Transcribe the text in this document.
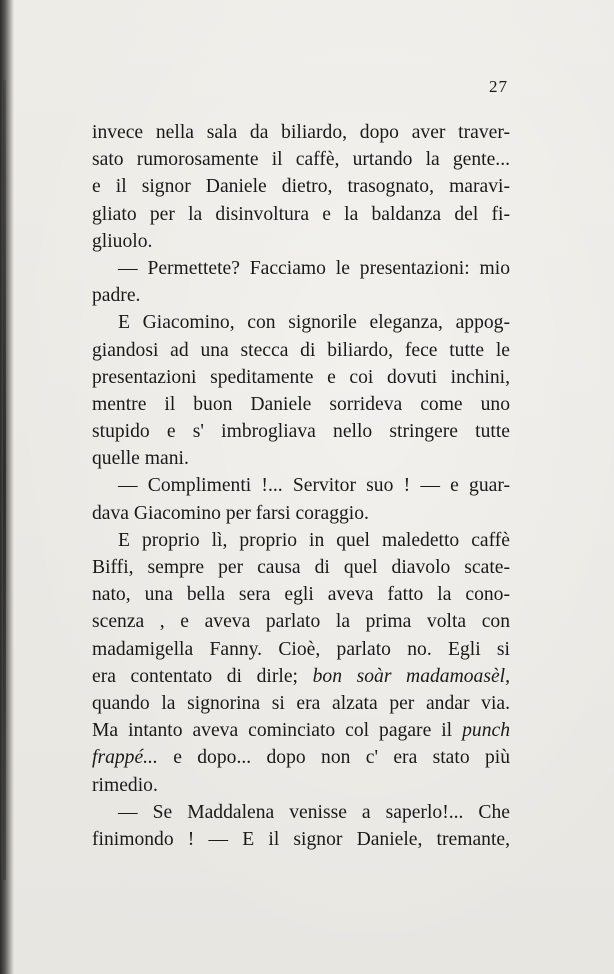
27
invece nella sala da biliardo, dopo aver traver-
sato rumorosamente il caffè, urtando la gente...
e il signor Daniele dietro, trasognato, maravi-
gliato per la disinvoltura e la baldanza del fi-
gliuolo.
— Permettete? Facciamo le presentazioni: mio
padre.
E Giacomino, con signorile eleganza, appog-
giandosi ad una stecca di biliardo, fece tutte le
presentazioni speditamente e coi dovuti inchini,
mentre il buon Daniele sorrideva come uno
stupido e s' imbrogliava nello stringere tutte
quelle mani.
— Complimenti !... Servitor suo ! — e guar-
dava Giacomino per farsi coraggio.
E proprio lì, proprio in quel maledetto caffè
Biffi, sempre per causa di quel diavolo scate-
nato, una bella sera egli aveva fatto la cono-
scenza , e aveva parlato la prima volta con
madamigella Fanny. Cioè, parlato no. Egli si
era contentato di dirle; bon soàr madamoasèl,
quando la signorina si era alzata per andar via.
Ma intanto aveva cominciato col pagare il punch
frappé... e dopo... dopo non c' era stato più
rimedio.
— Se Maddalena venisse a saperlo!... Che
finimondo ! — E il signor Daniele, tremante,
